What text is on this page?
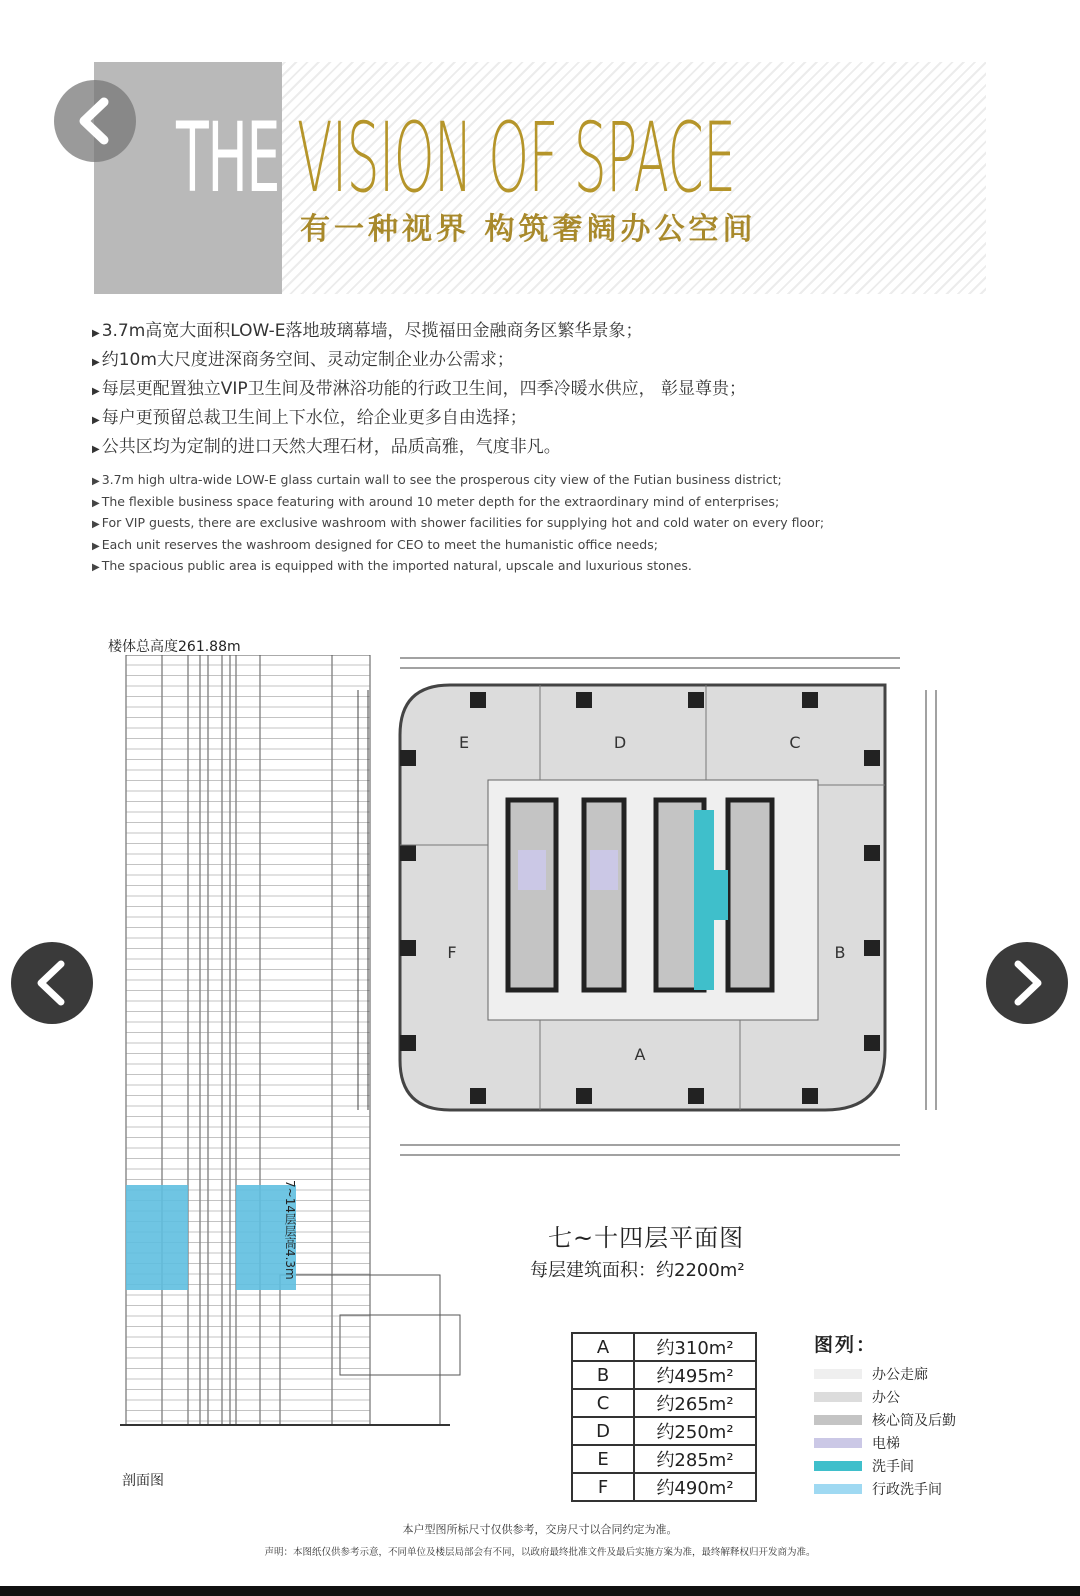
THE VISION OF SPACE
有一种视界 构筑奢阔办公空间
▶ 3.7m高宽大面积LOW-E落地玻璃幕墙，尽揽福田金融商务区繁华景象；
▶ 约10m大尺度进深商务空间、灵动定制企业办公需求；
▶ 每层更配置独立VIP卫生间及带淋浴功能的行政卫生间，四季冷暖水供应， 彰显尊贵；
▶ 每户更预留总裁卫生间上下水位，给企业更多自由选择；
▶ 公共区均为定制的进口天然大理石材，品质高雅，气度非凡。
▶ 3.7m high ultra-wide LOW-E glass curtain wall to see the prosperous city view of the Futian business district;
▶ The flexible business space featuring with around 10 meter depth for the extraordinary mind of enterprises;
▶ For VIP guests, there are exclusive washroom with shower facilities for supplying hot and cold water on every floor;
▶ Each unit reserves the washroom designed for CEO to meet the humanistic office needs;
▶ The spacious public area is equipped with the imported natural, upscale and luxurious stones.
楼体总高度261.88m
7~14层层高4.3m
剖面图
A
B
C
D
E
F
七~十四层平面图
每层建筑面积：约2200m²
A	约310m²
B	约495m²
C	约265m²
D	约250m²
E	约285m²
F	约490m²
图列：
办公走廊
办公
核心筒及后勤
电梯
洗手间
行政洗手间
本户型图所标尺寸仅供参考，交房尺寸以合同约定为准。
声明：本图纸仅供参考示意，不同单位及楼层局部会有不同，以政府最终批准文件及最后实施方案为准，最终解释权归开发商为准。
